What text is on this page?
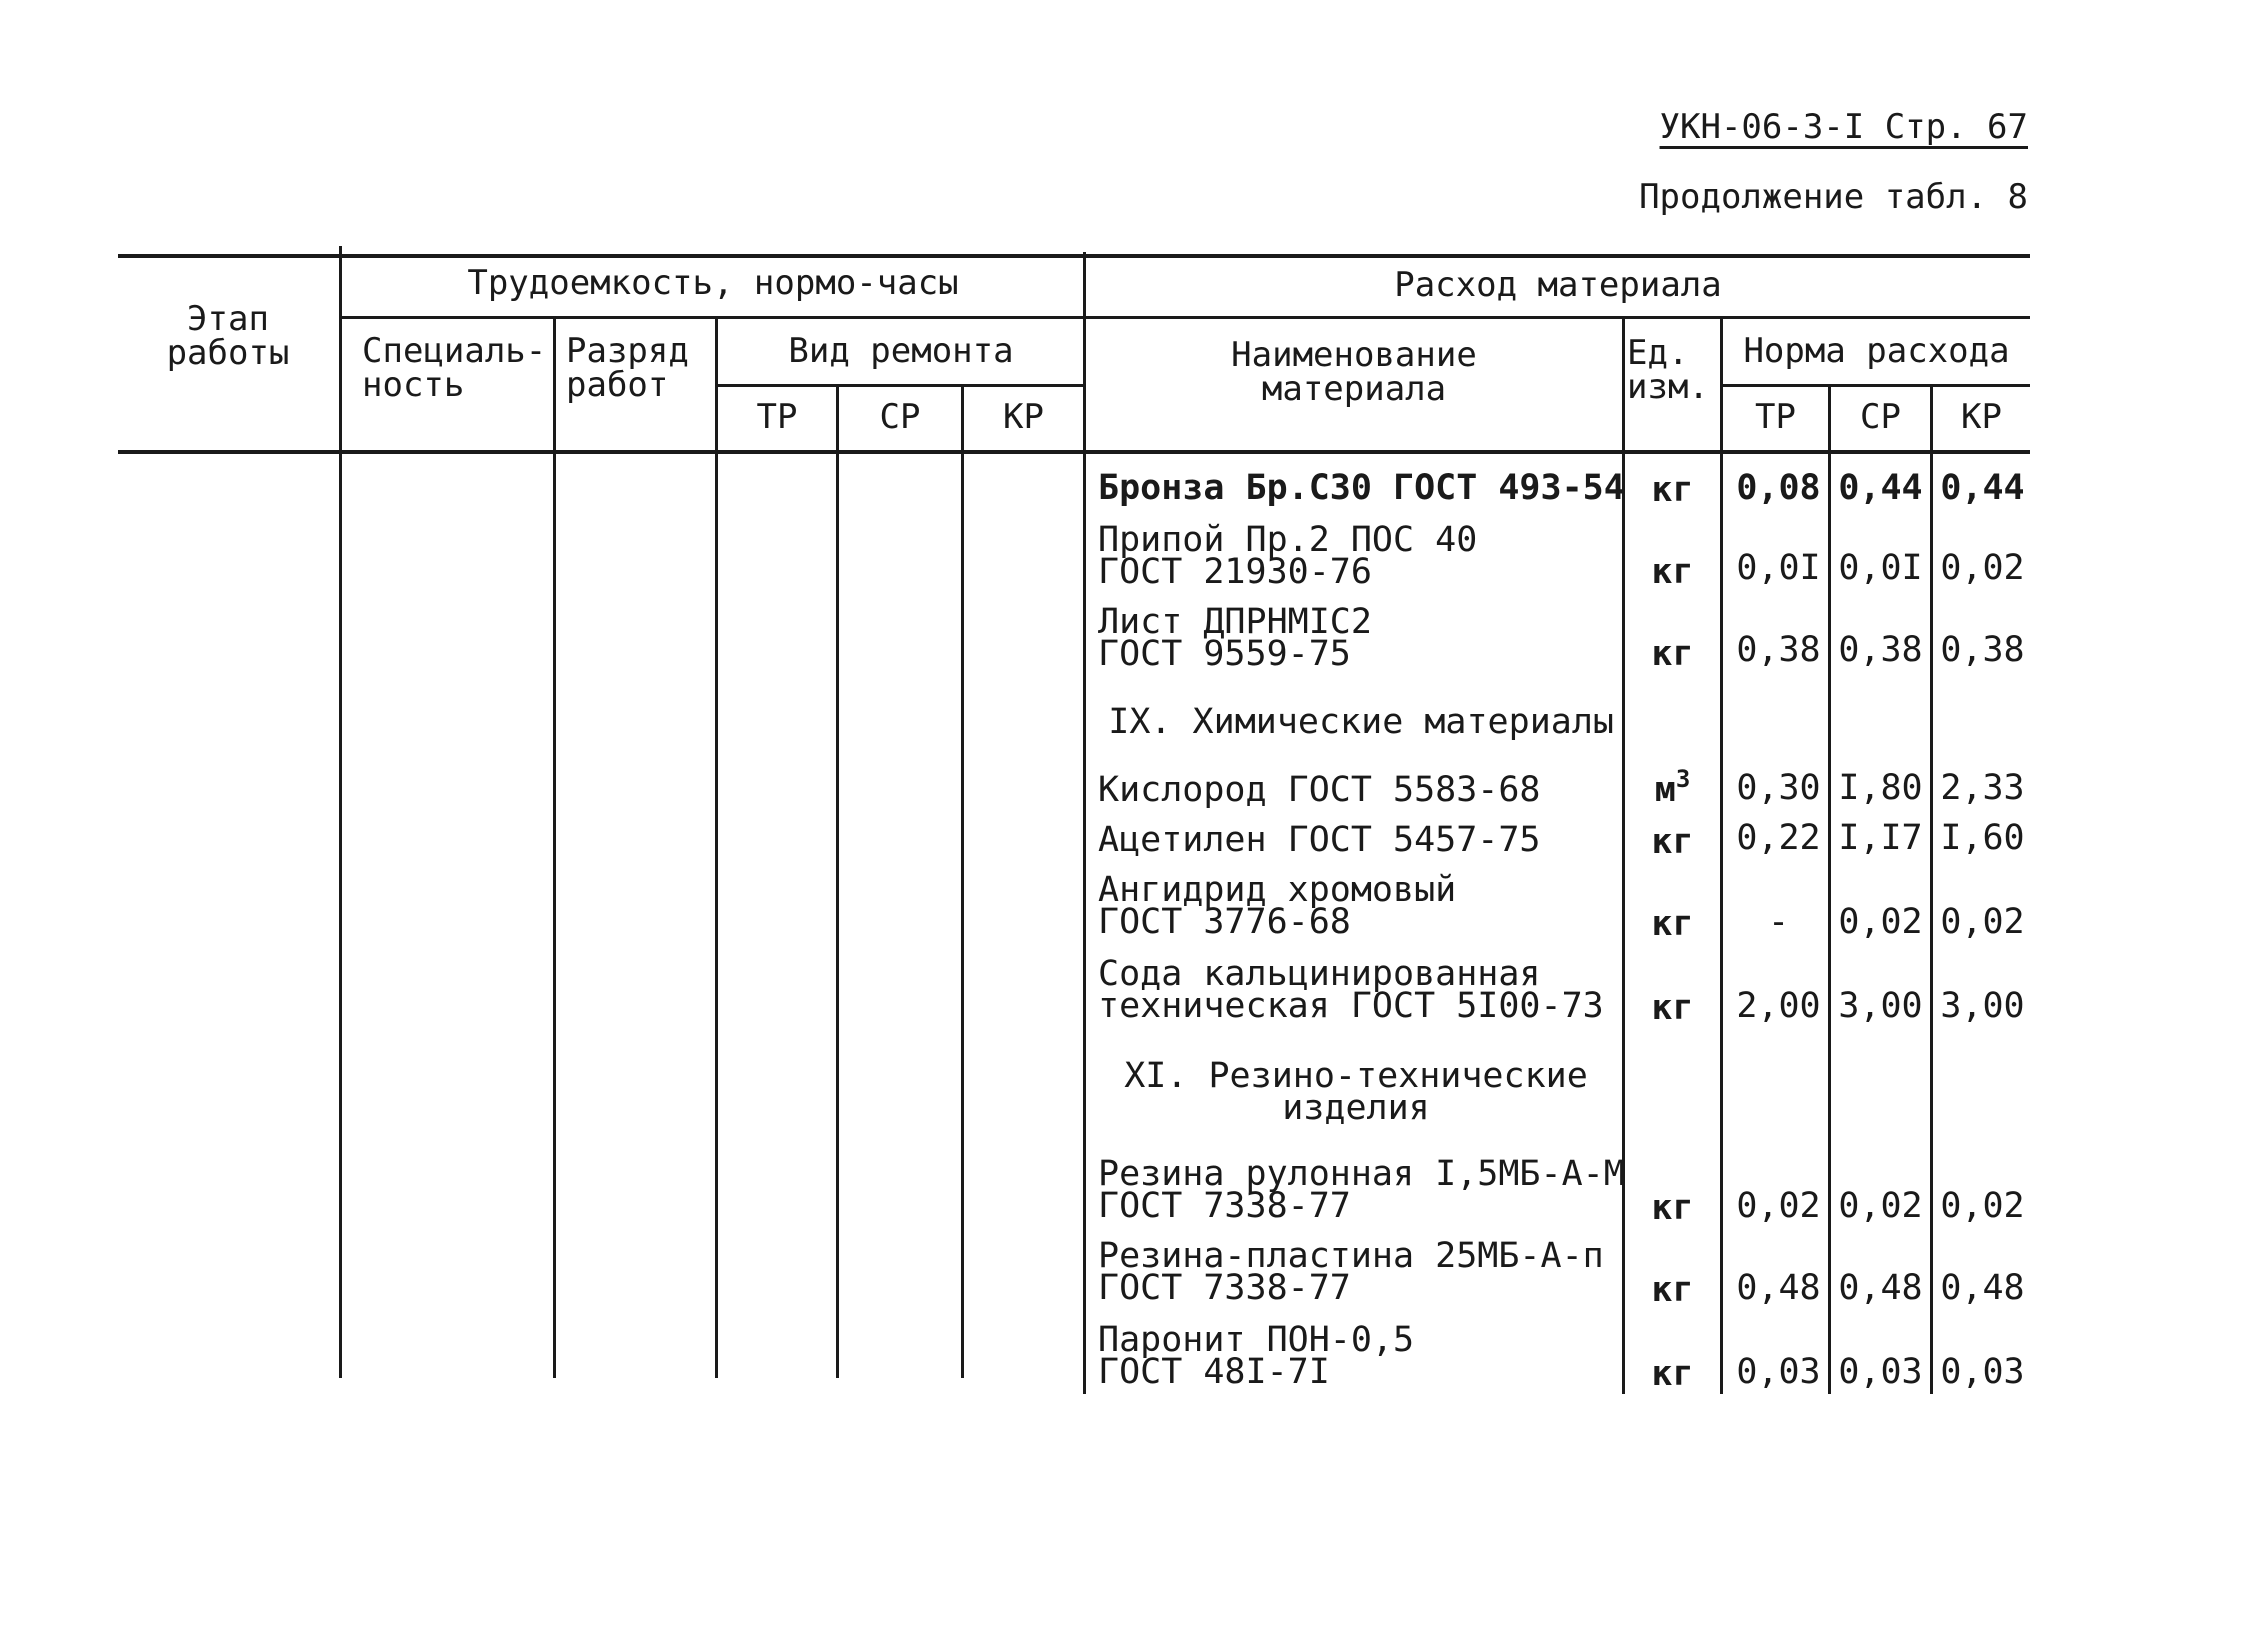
УКН-06-3-I Стр. 67
Продолжение табл. 8
Этап
работы
Трудоемкость, нормо-часы
Специаль-
ность
Разряд
работ
Вид ремонта
ТР	СР	КР
Расход материала
Наименование
материала
Ед.
изм.
Норма расхода
ТР	СР	КР
Бронза Бр.С30 ГОСТ 493-54 кг	0,08 0,44 0,44
Припой Пр.2 ПОС 40
ГОСТ 21930-76	кг	0,0I 0,0I 0,02
Лист ДПРНМIС2
ГОСТ 9559-75	кг	0,38 0,38 0,38
IX. Химические материалы
Кислород ГОСТ 5583-68	$м^3$	0,30 I,80 2,33
Ацетилен ГОСТ 5457-75	кг	0,22 I,I7 I,60
Ангидрид хромовый
ГОСТ 3776-68	кг	-	0,02 0,02
Сода кальцинированная
техническая ГОСТ 5I00-73	кг	2,00 3,00 3,00
XI. Резино-технические
изделия
Резина рулонная I,5МБ-А-М
ГОСТ 7338-77	кг	0,02 0,02 0,02
Резина-пластина 25МБ-А-п
ГОСТ 7338-77	кг	0,48 0,48 0,48
Паронит ПОН-0,5
ГОСТ 48I-7I	кг	0,03 0,03 0,03
